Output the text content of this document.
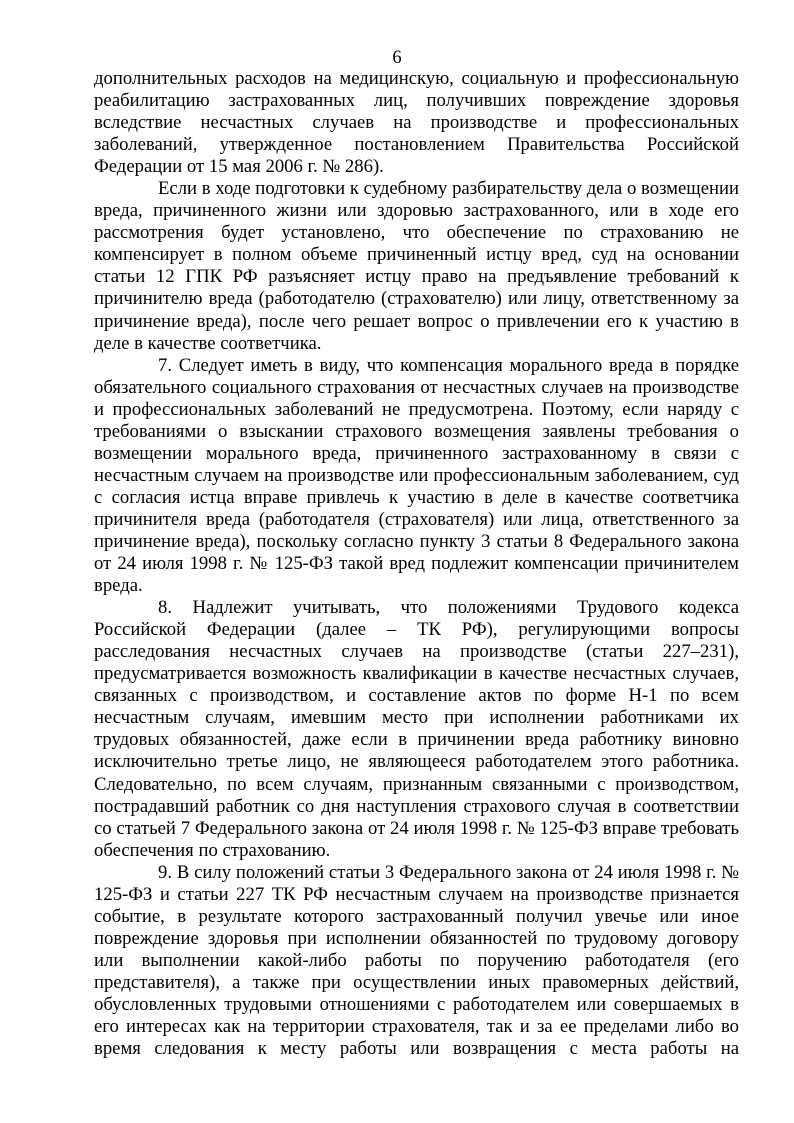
6

дополнительных расходов на медицинскую, социальную и профессиональную реабилитацию застрахованных лиц, получивших повреждение здоровья вследствие несчастных случаев на производстве и профессиональных заболеваний, утвержденное постановлением Правительства Российской Федерации от 15 мая 2006 г. № 286).

Если в ходе подготовки к судебному разбирательству дела о возмещении вреда, причиненного жизни или здоровью застрахованного, или в ходе его рассмотрения будет установлено, что обеспечение по страхованию не компенсирует в полном объеме причиненный истцу вред, суд на основании статьи 12 ГПК РФ разъясняет истцу право на предъявление требований к причинителю вреда (работодателю (страхователю) или лицу, ответственному за причинение вреда), после чего решает вопрос о привлечении его к участию в деле в качестве соответчика.

7. Следует иметь в виду, что компенсация морального вреда в порядке обязательного социального страхования от несчастных случаев на производстве и профессиональных заболеваний не предусмотрена. Поэтому, если наряду с требованиями о взыскании страхового возмещения заявлены требования о возмещении морального вреда, причиненного застрахованному в связи с несчастным случаем на производстве или профессиональным заболеванием, суд с согласия истца вправе привлечь к участию в деле в качестве соответчика причинителя вреда (работодателя (страхователя) или лица, ответственного за причинение вреда), поскольку согласно пункту 3 статьи 8 Федерального закона от 24 июля 1998 г. № 125-ФЗ такой вред подлежит компенсации причинителем вреда.

8. Надлежит учитывать, что положениями Трудового кодекса Российской Федерации (далее – ТК РФ), регулирующими вопросы расследования несчастных случаев на производстве (статьи 227–231), предусматривается возможность квалификации в качестве несчастных случаев, связанных с производством, и составление актов по форме Н-1 по всем несчастным случаям, имевшим место при исполнении работниками их трудовых обязанностей, даже если в причинении вреда работнику виновно исключительно третье лицо, не являющееся работодателем этого работника. Следовательно, по всем случаям, признанным связанными с производством, пострадавший работник со дня наступления страхового случая в соответствии со статьей 7 Федерального закона от 24 июля 1998 г. № 125-ФЗ вправе требовать обеспечения по страхованию.

9. В силу положений статьи 3 Федерального закона от 24 июля 1998 г. № 125-ФЗ и статьи 227 ТК РФ несчастным случаем на производстве признается событие, в результате которого застрахованный получил увечье или иное повреждение здоровья при исполнении обязанностей по трудовому договору или выполнении какой-либо работы по поручению работодателя (его представителя), а также при осуществлении иных правомерных действий, обусловленных трудовыми отношениями с работодателем или совершаемых в его интересах как на территории страхователя, так и за ее пределами либо во время следования к месту работы или возвращения с места работы на
